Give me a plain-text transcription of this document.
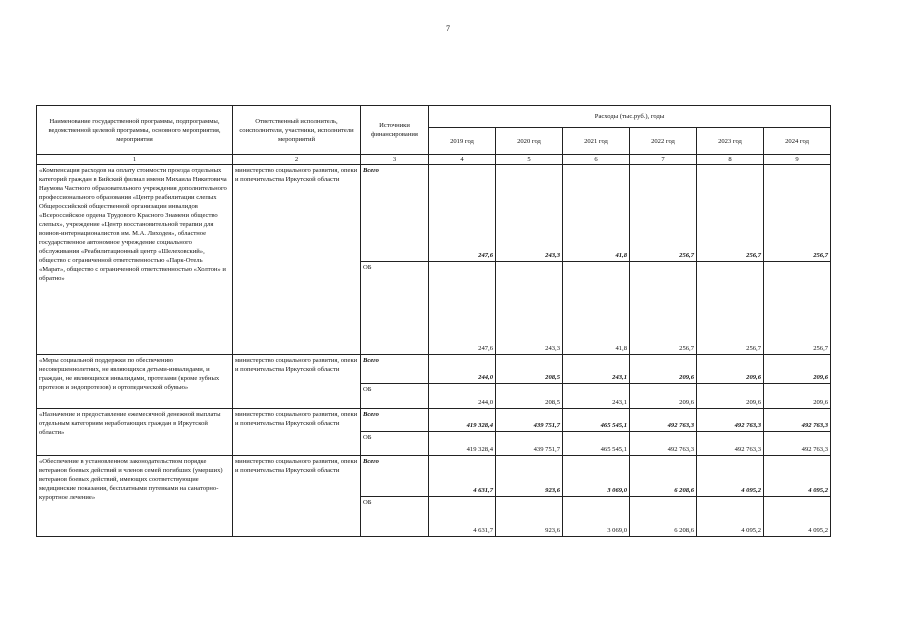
7
Наименование государственной программы, подпрограммы, ведомственной целевой программы, основного мероприятия, мероприятия	Ответственный исполнитель, соисполнители, участники, исполнители мероприятий	Источники финансирования	Расходы (тыс.руб.), годы					
			2019 год	2020 год	2021 год	2022 год	2023 год	2024 год
1	2	3	4	5	6	7	8	9
«Компенсация расходов на оплату стоимости проезда отдельных категорий граждан в Бийский филиал имени Михаила Никитовича Наумова Частного образовательного учреждения дополнительного профессионального образования «Центр реабилитации слепых Общероссийской общественной организации инвалидов «Всероссийское ордена Трудового Красного Знамени общество слепых», учреждение «Центр восстановительной терапии для воинов-интернационалистов им. М.А. Лиходея», областное государственное автономное учреждение социального обслуживания «Реабилитационный центр «Шелеховский», общество с ограниченной ответственностью «Парк-Отель «Марат», общество с ограниченной ответственностью «Холтон» и обратно»	министерство социального развития, опеки и попечительства Иркутской области	Всего	247,6	243,3	41,8	256,7	256,7	256,7
		ОБ	247,6	243,3	41,8	256,7	256,7	256,7
«Меры социальной поддержки по обеспечению несовершеннолетних, не являющихся детьми-инвалидами, и граждан, не являющихся инвалидами, протезами (кроме зубных протезов и эндопротезов) и ортопедической обувью»	министерство социального развития, опеки и попечительства Иркутской области	Всего	244,0	208,5	243,1	209,6	209,6	209,6
		ОБ	244,0	208,5	243,1	209,6	209,6	209,6
«Назначение и предоставление ежемесячной денежной выплаты отдельным категориям неработающих граждан в Иркутской области»	министерство социального развития, опеки и попечительства Иркутской области	Всего	419 328,4	439 751,7	465 545,1	492 763,3	492 763,3	492 763,3
		ОБ	419 328,4	439 751,7	465 545,1	492 763,3	492 763,3	492 763,3
«Обеспечение в установленном законодательством порядке ветеранов боевых действий и членов семей погибших (умерших) ветеранов боевых действий, имеющих соответствующие медицинские показания, бесплатными путевками на санаторно-курортное лечение»	министерство социального развития, опеки и попечительства Иркутской области	Всего	4 631,7	923,6	3 069,0	6 208,6	4 095,2	4 095,2
		ОБ	4 631,7	923,6	3 069,0	6 208,6	4 095,2	4 095,2
